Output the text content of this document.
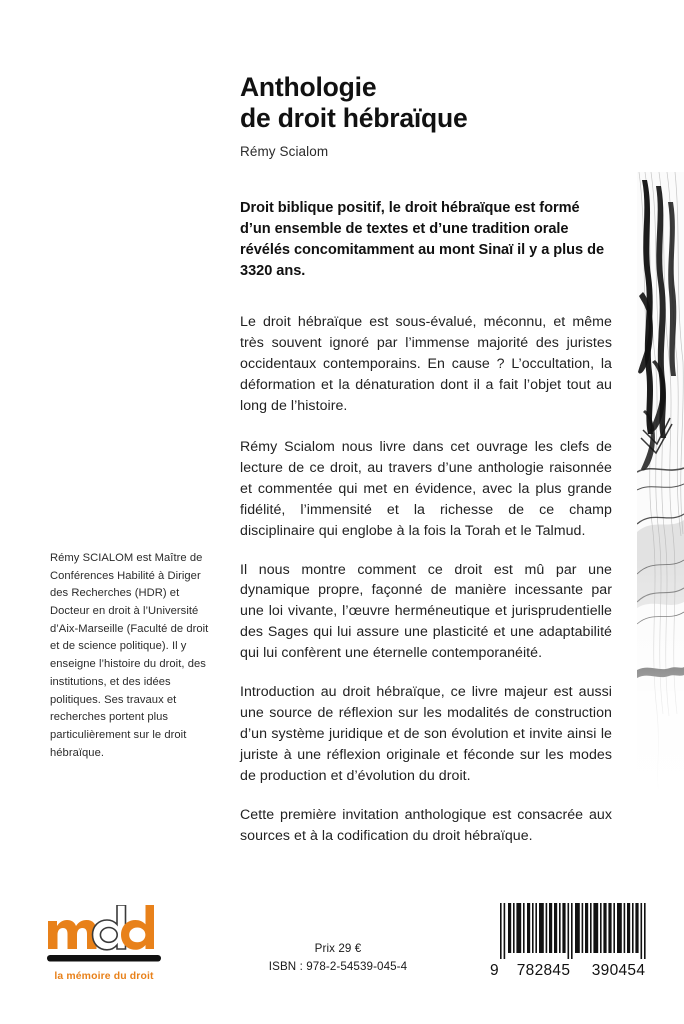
Anthologie
de droit hébraïque
Rémy Scialom

Droit biblique positif, le droit hébraïque est formé d’un ensemble de textes et d’une tradition orale révélés concomitamment au mont Sinaï il y a plus de 3320 ans.

Le droit hébraïque est sous-évalué, méconnu, et même très souvent ignoré par l’immense majorité des juristes occidentaux contemporains. En cause ? L’occultation, la déformation et la dénaturation dont il a fait l’objet tout au long de l’histoire.

Rémy Scialom nous livre dans cet ouvrage les clefs de lecture de ce droit, au travers d’une anthologie raisonnée et commentée qui met en évidence, avec la plus grande fidélité, l’immensité et la richesse de ce champ disciplinaire qui englobe à la fois la Torah et le Talmud.

Il nous montre comment ce droit est mû par une dynamique propre, façonné de manière incessante par une loi vivante, l’œuvre herméneutique et jurisprudentielle des Sages qui lui assure une plasticité et une adaptabilité qui lui confèrent une éternelle contemporanéité.

Introduction au droit hébraïque, ce livre majeur est aussi une source de réflexion sur les modalités de construction d’un système juridique et de son évolution et invite ainsi le juriste à une réflexion originale et féconde sur les modes de production et d’évolution du droit.

Cette première invitation anthologique est consacrée aux sources et à la codification du droit hébraïque.

Rémy SCIALOM est Maître de Conférences Habilité à Diriger des Recherches (HDR) et Docteur en droit à l’Université d’Aix-Marseille (Faculté de droit et de science politique). Il y enseigne l’histoire du droit, des institutions, et des idées politiques. Ses travaux et recherches portent plus particulièrement sur le droit hébraïque.
la mémoire du droit
Prix 29 €
ISBN : 978-2-54539-045-4	9	782845	390454
